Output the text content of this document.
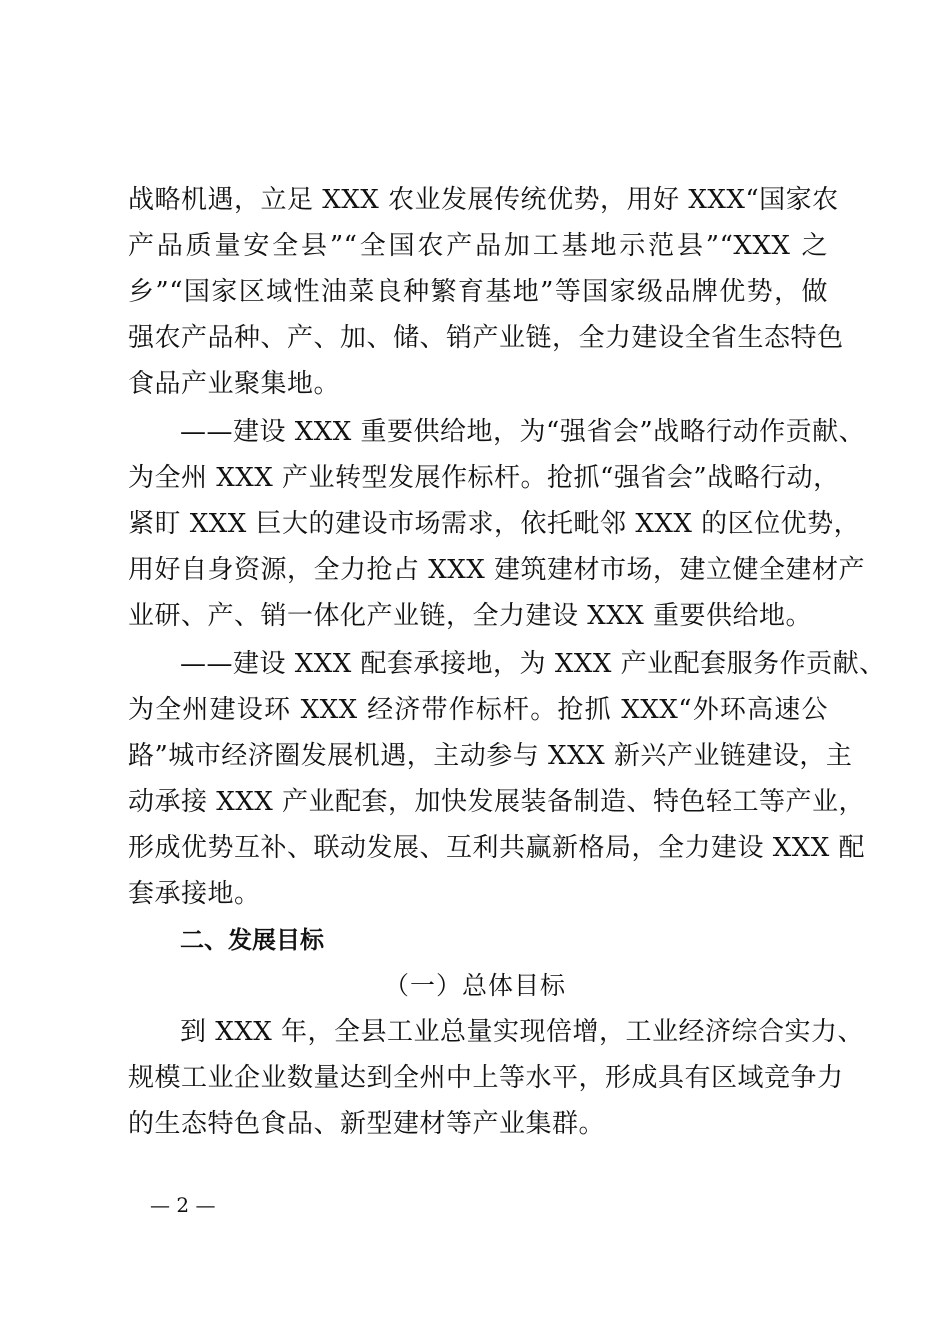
战略机遇，立足 XXX 农业发展传统优势，用好 XXX“国家农
产品质量安全县”“全国农产品加工基地示范县”“XXX 之
乡”“国家区域性油菜良种繁育基地”等国家级品牌优势，做
强农产品种、产、加、储、销产业链，全力建设全省生态特色
食品产业聚集地。
——建设 XXX 重要供给地，为“强省会”战略行动作贡献、
为全州 XXX 产业转型发展作标杆。抢抓“强省会”战略行动，
紧盯 XXX 巨大的建设市场需求，依托毗邻 XXX 的区位优势，
用好自身资源，全力抢占 XXX 建筑建材市场，建立健全建材产
业研、产、销一体化产业链，全力建设 XXX 重要供给地。
——建设 XXX 配套承接地，为 XXX 产业配套服务作贡献、
为全州建设环 XXX 经济带作标杆。抢抓 XXX“外环高速公
路”城市经济圈发展机遇，主动参与 XXX 新兴产业链建设，主
动承接 XXX 产业配套，加快发展装备制造、特色轻工等产业，
形成优势互补、联动发展、互利共赢新格局，全力建设 XXX 配
套承接地。
二、发展目标
（一）总体目标
到 XXX 年，全县工业总量实现倍增，工业经济综合实力、
规模工业企业数量达到全州中上等水平，形成具有区域竞争力
的生态特色食品、新型建材等产业集群。
— 2 —
